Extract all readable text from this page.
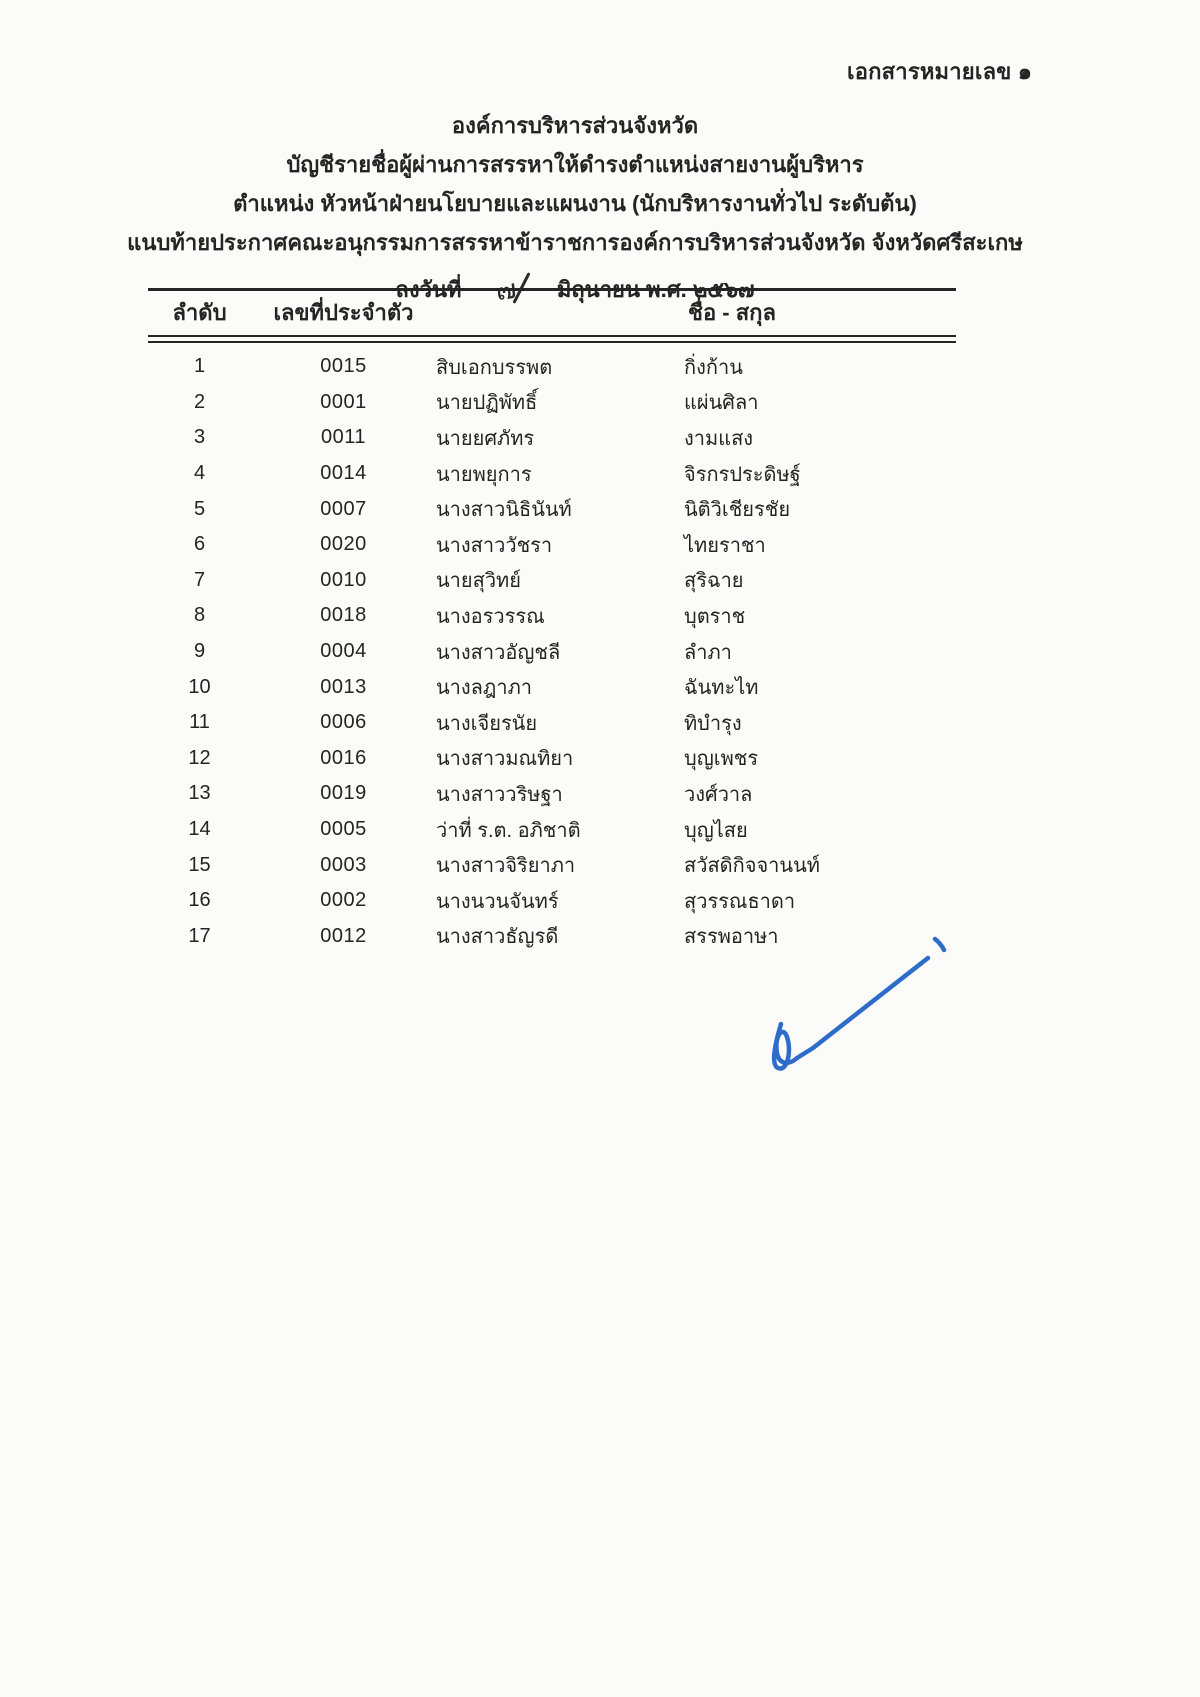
เอกสารหมายเลข ๑
องค์การบริหารส่วนจังหวัด
บัญชีรายชื่อผู้ผ่านการสรรหาให้ดำรงตำแหน่งสายงานผู้บริหาร
ตำแหน่ง หัวหน้าฝ่ายนโยบายและแผนงาน (นักบริหารงานทั่วไป ระดับต้น)
แนบท้ายประกาศคณะอนุกรรมการสรรหาข้าราชการองค์การบริหารส่วนจังหวัด จังหวัดศรีสะเกษ
ลงวันที่ ๗ มิถุนายน พ.ศ. ๒๕๖๗
ลำดับ	เลขที่ประจำตัว	ชื่อ - สกุล
1	0015	สิบเอกบรรพต	กิ่งก้าน
2	0001	นายปฏิพัทธิ์	แผ่นศิลา
3	0011	นายยศภัทร	งามแสง
4	0014	นายพยุการ	จิรกรประดิษฐ์
5	0007	นางสาวนิธินันท์	นิติวิเชียรชัย
6	0020	นางสาววัชรา	ไทยราชา
7	0010	นายสุวิทย์	สุริฉาย
8	0018	นางอรวรรณ	บุตราช
9	0004	นางสาวอัญชลี	ลำภา
10	0013	นางลฎาภา	ฉันทะไท
11	0006	นางเจียรนัย	ทิบำรุง
12	0016	นางสาวมณทิยา	บุญเพชร
13	0019	นางสาววริษฐา	วงศ์วาล
14	0005	ว่าที่ ร.ต. อภิชาติ	บุญไสย
15	0003	นางสาวจิริยาภา	สวัสดิกิจจานนท์
16	0002	นางนวนจันทร์	สุวรรณธาดา
17	0012	นางสาวธัญรดี	สรรพอาษา
